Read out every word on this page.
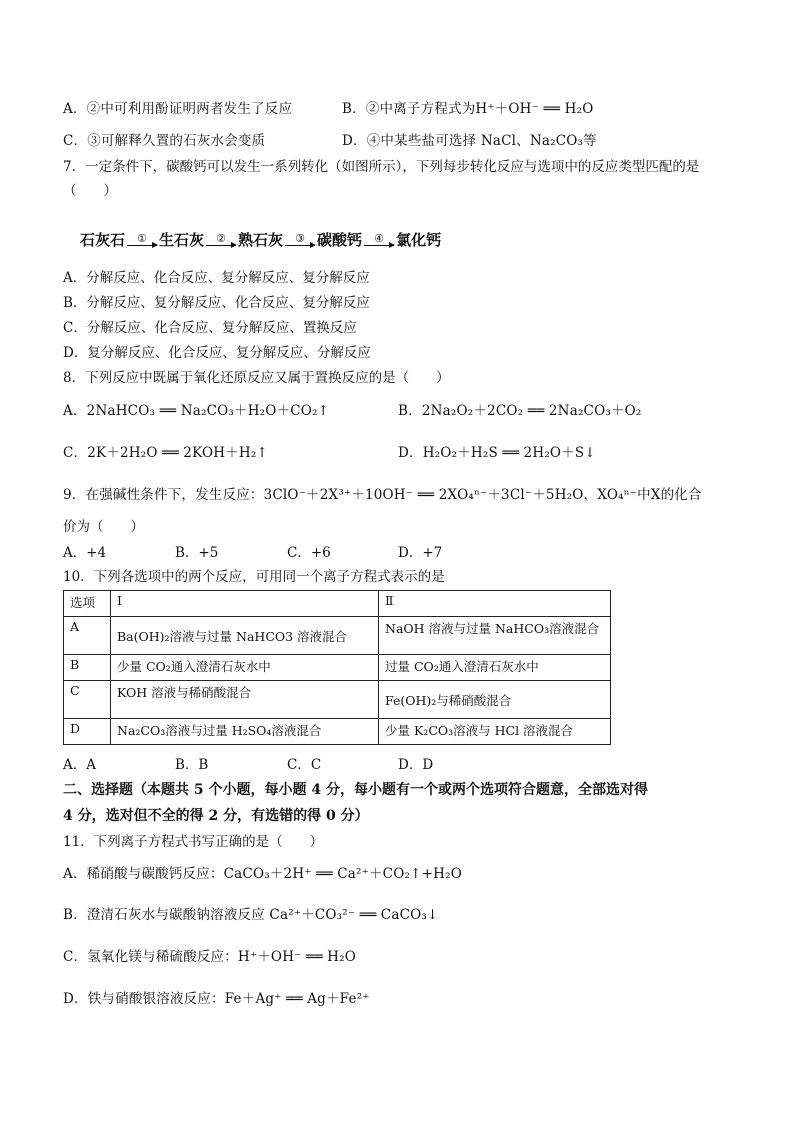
A．②中可利用酚证明两者发生了反应	B．②中离子方程式为H⁺＋OH⁻ ══ H₂O
C．③可解释久置的石灰水会变质	D．④中某些盐可选择 NaCl、Na₂CO₃等
7．一定条件下，碳酸钙可以发生一系列转化（如图所示），下列每步转化反应与选项中的反应类型匹配的是
（　　）
石灰石 ① 生石灰 ② 熟石灰 ③ 碳酸钙 ④ 氯化钙
A．分解反应、化合反应、复分解反应、复分解反应
B．分解反应、复分解反应、化合反应、复分解反应
C．分解反应、化合反应、复分解反应、置换反应
D．复分解反应、化合反应、复分解反应、分解反应
8．下列反应中既属于氧化还原反应又属于置换反应的是（　　）
A．2NaHCO₃ ══ Na₂CO₃＋H₂O＋CO₂↑	B．2Na₂O₂＋2CO₂ ══ 2Na₂CO₃＋O₂
C．2K＋2H₂O ══ 2KOH＋H₂↑	D．H₂O₂＋H₂S ══ 2H₂O＋S↓
9．在强碱性条件下，发生反应：3ClO⁻＋2X³⁺＋10OH⁻ ══ 2XO₄ⁿ⁻＋3Cl⁻＋5H₂O，XO₄ⁿ⁻中X的化合
价为（　　）
A．+4	B．+5	C．+6	D．+7
10．下列各选项中的两个反应，可用同一个离子方程式表示的是
选项	Ⅰ	Ⅱ
A	Ba(OH)₂溶液与过量 NaHCO3 溶液混合	NaOH 溶液与过量 NaHCO₃溶液混合
B	少量 CO₂通入澄清石灰水中	过量 CO₂通入澄清石灰水中
C	KOH 溶液与稀硝酸混合	Fe(OH)₂与稀硝酸混合
D	Na₂CO₃溶液与过量 H₂SO₄溶液混合	少量 K₂CO₃溶液与 HCl 溶液混合
A．A	B．B	C．C	D．D
二、选择题（本题共 5 个小题，每小题 4 分，每小题有一个或两个选项符合题意，全部选对得
4 分，选对但不全的得 2 分，有选错的得 0 分）
11．下列离子方程式书写正确的是（　　）
A．稀硝酸与碳酸钙反应：CaCO₃＋2H⁺ ══ Ca²⁺＋CO₂↑+H₂O
B．澄清石灰水与碳酸钠溶液反应 Ca²⁺＋CO₃²⁻ ══ CaCO₃↓
C．氢氧化镁与稀硫酸反应：H⁺＋OH⁻ ══ H₂O
D．铁与硝酸银溶液反应：Fe＋Ag⁺ ══ Ag＋Fe²⁺
